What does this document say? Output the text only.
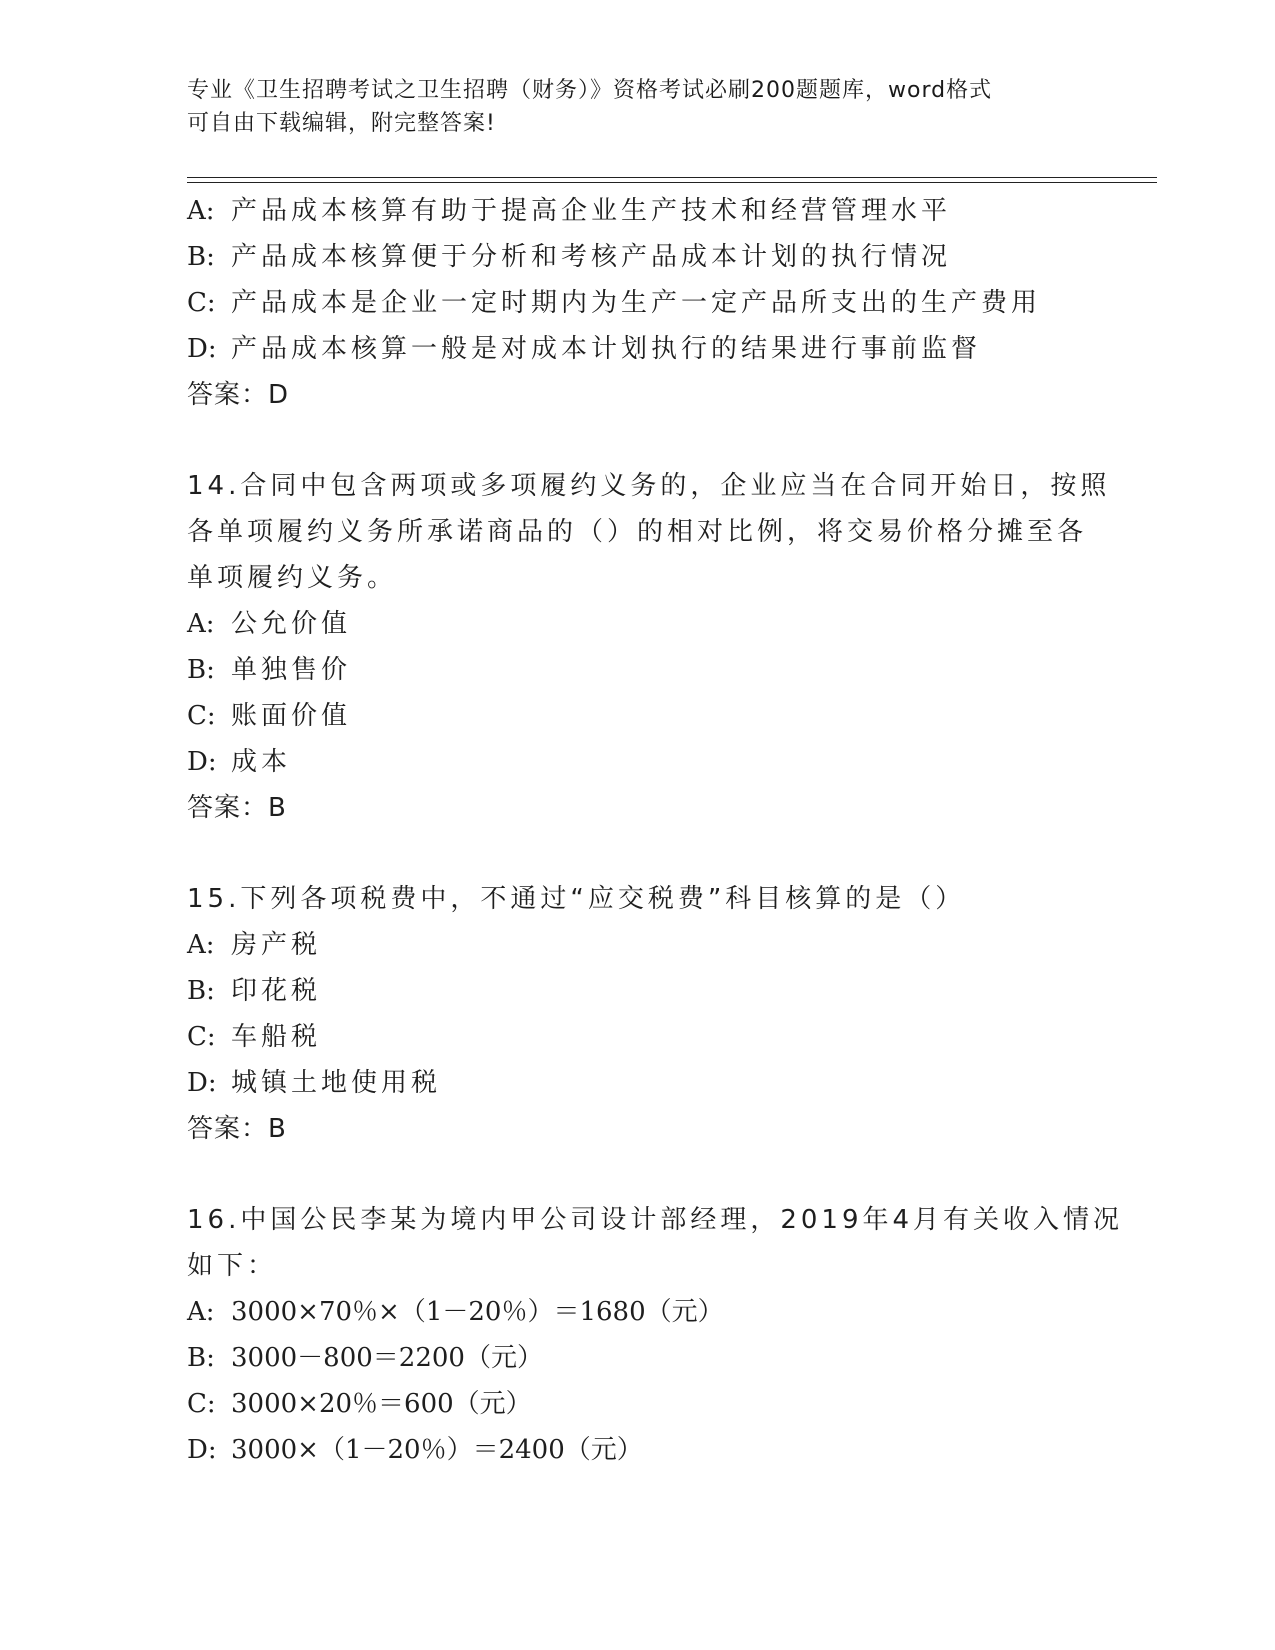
专业《卫生招聘考试之卫生招聘（财务）》资格考试必刷200题题库，word格式
可自由下载编辑，附完整答案!
A: 产品成本核算有助于提高企业生产技术和经营管理水平
B: 产品成本核算便于分析和考核产品成本计划的执行情况
C: 产品成本是企业一定时期内为生产一定产品所支出的生产费用
D: 产品成本核算一般是对成本计划执行的结果进行事前监督
答案：D
14.合同中包含两项或多项履约义务的，企业应当在合同开始日，按照
各单项履约义务所承诺商品的（）的相对比例，将交易价格分摊至各
单项履约义务。
A: 公允价值
B: 单独售价
C: 账面价值
D: 成本
答案：B
15.下列各项税费中，不通过“应交税费”科目核算的是（）
A: 房产税
B: 印花税
C: 车船税
D: 城镇土地使用税
答案：B
16.中国公民李某为境内甲公司设计部经理，2019年4月有关收入情况
如下：
A: 3000×70％×（1－20％）＝1680（元）
B: 3000－800＝2200（元）
C: 3000×20％＝600（元）
D: 3000×（1－20％）＝2400（元）
